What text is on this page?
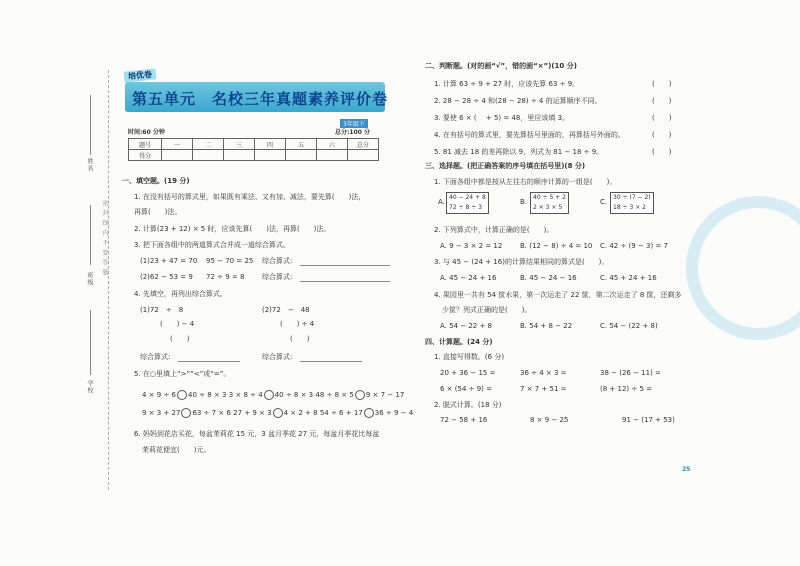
姓名
班级
学校
密 封 线 内 不 要 答 题
培优卷
第五单元　名校三年真题素养评价卷
3年级下
时间:60 分钟	总分:100 分
题号	一	二	三	四	五	六	总分
得分							
一、填空题。(19 分)
1. 在没有括号的算式里，如果既有乘法、又有加、减法，要先算(　　)法，
再算(　　)法。
2. 计算(23 + 12) × 5 时，应该先算(　　)法，再算(　　)法。
3. 把下面各组中的两道算式合并成一道综合算式。
(1)23 + 47 = 70 95 − 70 = 25 综合算式:
(2)62 − 53 = 9 72 ÷ 9 = 8	综合算式:
4. 先填空，再列出综合算式。
(1)72　÷　8
(　　) − 4
(　　)
(2)72　−　48
(　　) ÷ 4
(　　)
综合算式:	综合算式:
5. 在○里填上“>”“<”或“=”。
4 × 9 ÷ 6 40 ÷ 8 × 3 3 × 8 ÷ 4 40 ÷ 8 × 3 48 ÷ 8 × 5 9 × 7 − 17
9 × 3 + 27 63 ÷ 7 × 6 27 + 9 × 3 4 × 2 + 8 54 ÷ 6 + 17 36 ÷ 9 − 4
6. 妈妈到花店买花，每盆茉莉花 15 元，3 盆月季花 27 元，每盆月季花比每盆
茉莉花便宜(　　)元。
二、判断题。(对的画“√”，错的画“×”)(10 分)
1. 计算 63 ÷ 9 + 27 时，应该先算 63 ÷ 9。	(　　)
2. 28 − 28 ÷ 4 和(28 − 28) ÷ 4 的运算顺序不同。	(　　)
3. 要使 6 × (　 + 5) = 48，里应该填 3。	(　　)
4. 在有括号的算式里，要先算括号里面的，再算括号外面的。	(　　)
5. 81 减去 18 的差再除以 9，列式为 81 − 18 ÷ 9。	(　　)
三、选择题。(把正确答案的序号填在括号里)(8 分)
1. 下面各组中都是按从左往右的顺序计算的一组是(　　)。
A.
40 − 24 + 8
72 ÷ 8 ÷ 3
B.
40 ÷ 5 + 2
2 × 3 × 5
C.
30 ÷ (7 − 2)
18 ÷ 3 × 2
2. 下列算式中，计算正确的是(　　)。
A. 9 − 3 × 2 = 12	B. (12 − 8) ÷ 4 = 10 C. 42 ÷ (9 − 3) = 7
3. 与 45 − (24 + 16)的计算结果相同的算式是(　　)。
A. 45 − 24 + 16	B. 45 − 24 − 16	C. 45 + 24 + 16
4. 果园里一共有 54 筐水果，第一次运走了 22 筐，第二次运走了 8 筐，还剩多
少筐？列式正确的是(　　)。
A. 54 − 22 + 8	B. 54 + 8 − 22	C. 54 − (22 + 8)
四、计算题。(24 分)
1. 直接写得数。(6 分)
20 + 36 − 15 =	36 ÷ 4 × 3 =	38 − (26 − 11) =
6 × (54 ÷ 9) =	7 × 7 + 51 =	(8 + 12) ÷ 5 =
2. 脱式计算。(18 分)
72 − 58 + 16	8 × 9 − 25	91 − (17 + 53)
25
